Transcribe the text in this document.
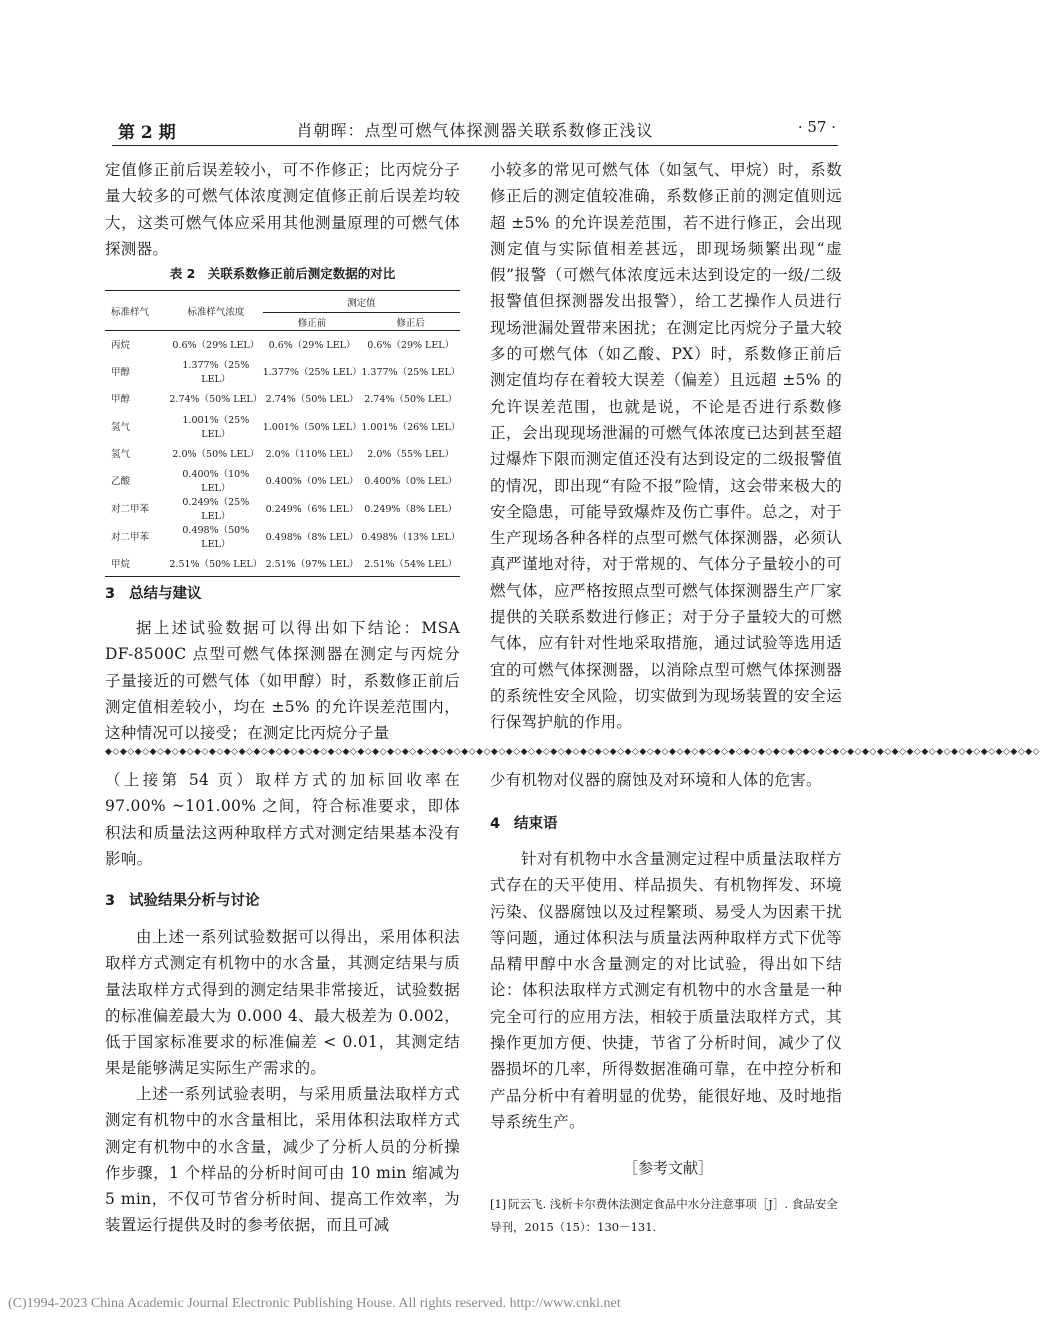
第 2 期	肖朝晖：点型可燃气体探测器关联系数修正浅议	· 57 ·

定值修正前后误差较小，可不作修正；比丙烷分子量大较多的可燃气体浓度测定值修正前后误差均较大，这类可燃气体应采用其他测量原理的可燃气体探测器。

表 2　关联系数修正前后测定数据的对比
标准样气	标准样气浓度	测定值	
		修正前	修正后
丙烷	0.6%（29% LEL）	0.6%（29% LEL）	0.6%（29% LEL）
甲醇	1.377%（25% LEL）	1.377%（25% LEL）	1.377%（25% LEL）
甲醇	2.74%（50% LEL）	2.74%（50% LEL）	2.74%（50% LEL）
氢气	1.001%（25% LEL）	1.001%（50% LEL）	1.001%（26% LEL）
氢气	2.0%（50% LEL）	2.0%（110% LEL）	2.0%（55% LEL）
乙酸	0.400%（10% LEL）	0.400%（0% LEL）	0.400%（0% LEL）
对二甲苯	0.249%（25% LEL）	0.249%（6% LEL）	0.249%（8% LEL）
对二甲苯	0.498%（50% LEL）	0.498%（8% LEL）	0.498%（13% LEL）
甲烷	2.51%（50% LEL）	2.51%（97% LEL）	2.51%（54% LEL）
3 总结与建议

据上述试验数据可以得出如下结论：MSA DF-8500C 点型可燃气体探测器在测定与丙烷分子量接近的可燃气体（如甲醇）时，系数修正前后测定值相差较小，均在 ±5% 的允许误差范围内，这种情况可以接受；在测定比丙烷分子量

小较多的常见可燃气体（如氢气、甲烷）时，系数修正后的测定值较准确，系数修正前的测定值则远超 ±5% 的允许误差范围，若不进行修正，会出现测定值与实际值相差甚远，即现场频繁出现“虚假”报警（可燃气体浓度远未达到设定的一级/二级报警值但探测器发出报警），给工艺操作人员进行现场泄漏处置带来困扰；在测定比丙烷分子量大较多的可燃气体（如乙酸、PX）时，系数修正前后测定值均存在着较大误差（偏差）且远超 ±5% 的允许误差范围，也就是说，不论是否进行系数修正，会出现现场泄漏的可燃气体浓度已达到甚至超过爆炸下限而测定值还没有达到设定的二级报警值的情况，即出现“有险不报”险情，这会带来极大的安全隐患，可能导致爆炸及伤亡事件。总之，对于生产现场各种各样的点型可燃气体探测器，必须认真严谨地对待，对于常规的、气体分子量较小的可燃气体，应严格按照点型可燃气体探测器生产厂家提供的关联系数进行修正；对于分子量较大的可燃气体，应有针对性地采取措施，通过试验等选用适宜的可燃气体探测器，以消除点型可燃气体探测器的系统性安全风险，切实做到为现场装置的安全运行保驾护航的作用。

◆◇◆◇◆◇◆◇◆◇◆◇◆◇◆◇◆◇◆◇◆◇◆◇◆◇◆◇◆◇◆◇◆◇◆◇◆◇◆◇◆◇◆◇◆◇◆◇◆◇◆◇◆◇◆◇◆◇◆◇◆◇◆◇◆◇◆◇◆◇◆◇◆◇◆◇◆◇◆◇◆◇◆◇◆◇◆◇◆◇◆◇◆◇◆◇◆◇◆◇◆◇◆◇◆◇◆◇◆◇◆◇◆◇◆◇◆◇◆◇◆◇◆◇◆◇

（上接第 54 页）取样方式的加标回收率在 97.00% ~101.00% 之间，符合标准要求，即体积法和质量法这两种取样方式对测定结果基本没有影响。

3 试验结果分析与讨论

由上述一系列试验数据可以得出，采用体积法取样方式测定有机物中的水含量，其测定结果与质量法取样方式得到的测定结果非常接近，试验数据的标准偏差最大为 0.000 4、最大极差为 0.002，低于国家标准要求的标准偏差 < 0.01，其测定结果是能够满足实际生产需求的。

上述一系列试验表明，与采用质量法取样方式测定有机物中的水含量相比，采用体积法取样方式测定有机物中的水含量，减少了分析人员的分析操作步骤，1 个样品的分析时间可由 10 min 缩减为 5 min，不仅可节省分析时间、提高工作效率，为装置运行提供及时的参考依据，而且可减

少有机物对仪器的腐蚀及对环境和人体的危害。

4 结束语

针对有机物中水含量测定过程中质量法取样方式存在的天平使用、样品损失、有机物挥发、环境污染、仪器腐蚀以及过程繁琐、易受人为因素干扰等问题，通过体积法与质量法两种取样方式下优等品精甲醇中水含量测定的对比试验，得出如下结论：体积法取样方式测定有机物中的水含量是一种完全可行的应用方法，相较于质量法取样方式，其操作更加方便、快捷，节省了分析时间，减少了仪器损坏的几率，所得数据准确可靠，在中控分析和产品分析中有着明显的优势，能很好地、及时地指导系统生产。

［参考文献］
[1] 阮云飞. 浅析卡尔费休法测定食品中水分注意事项［J］. 食品安全导刊，2015（15）：130－131.
(C)1994-2023 China Academic Journal Electronic Publishing House. All rights reserved. http://www.cnki.net
